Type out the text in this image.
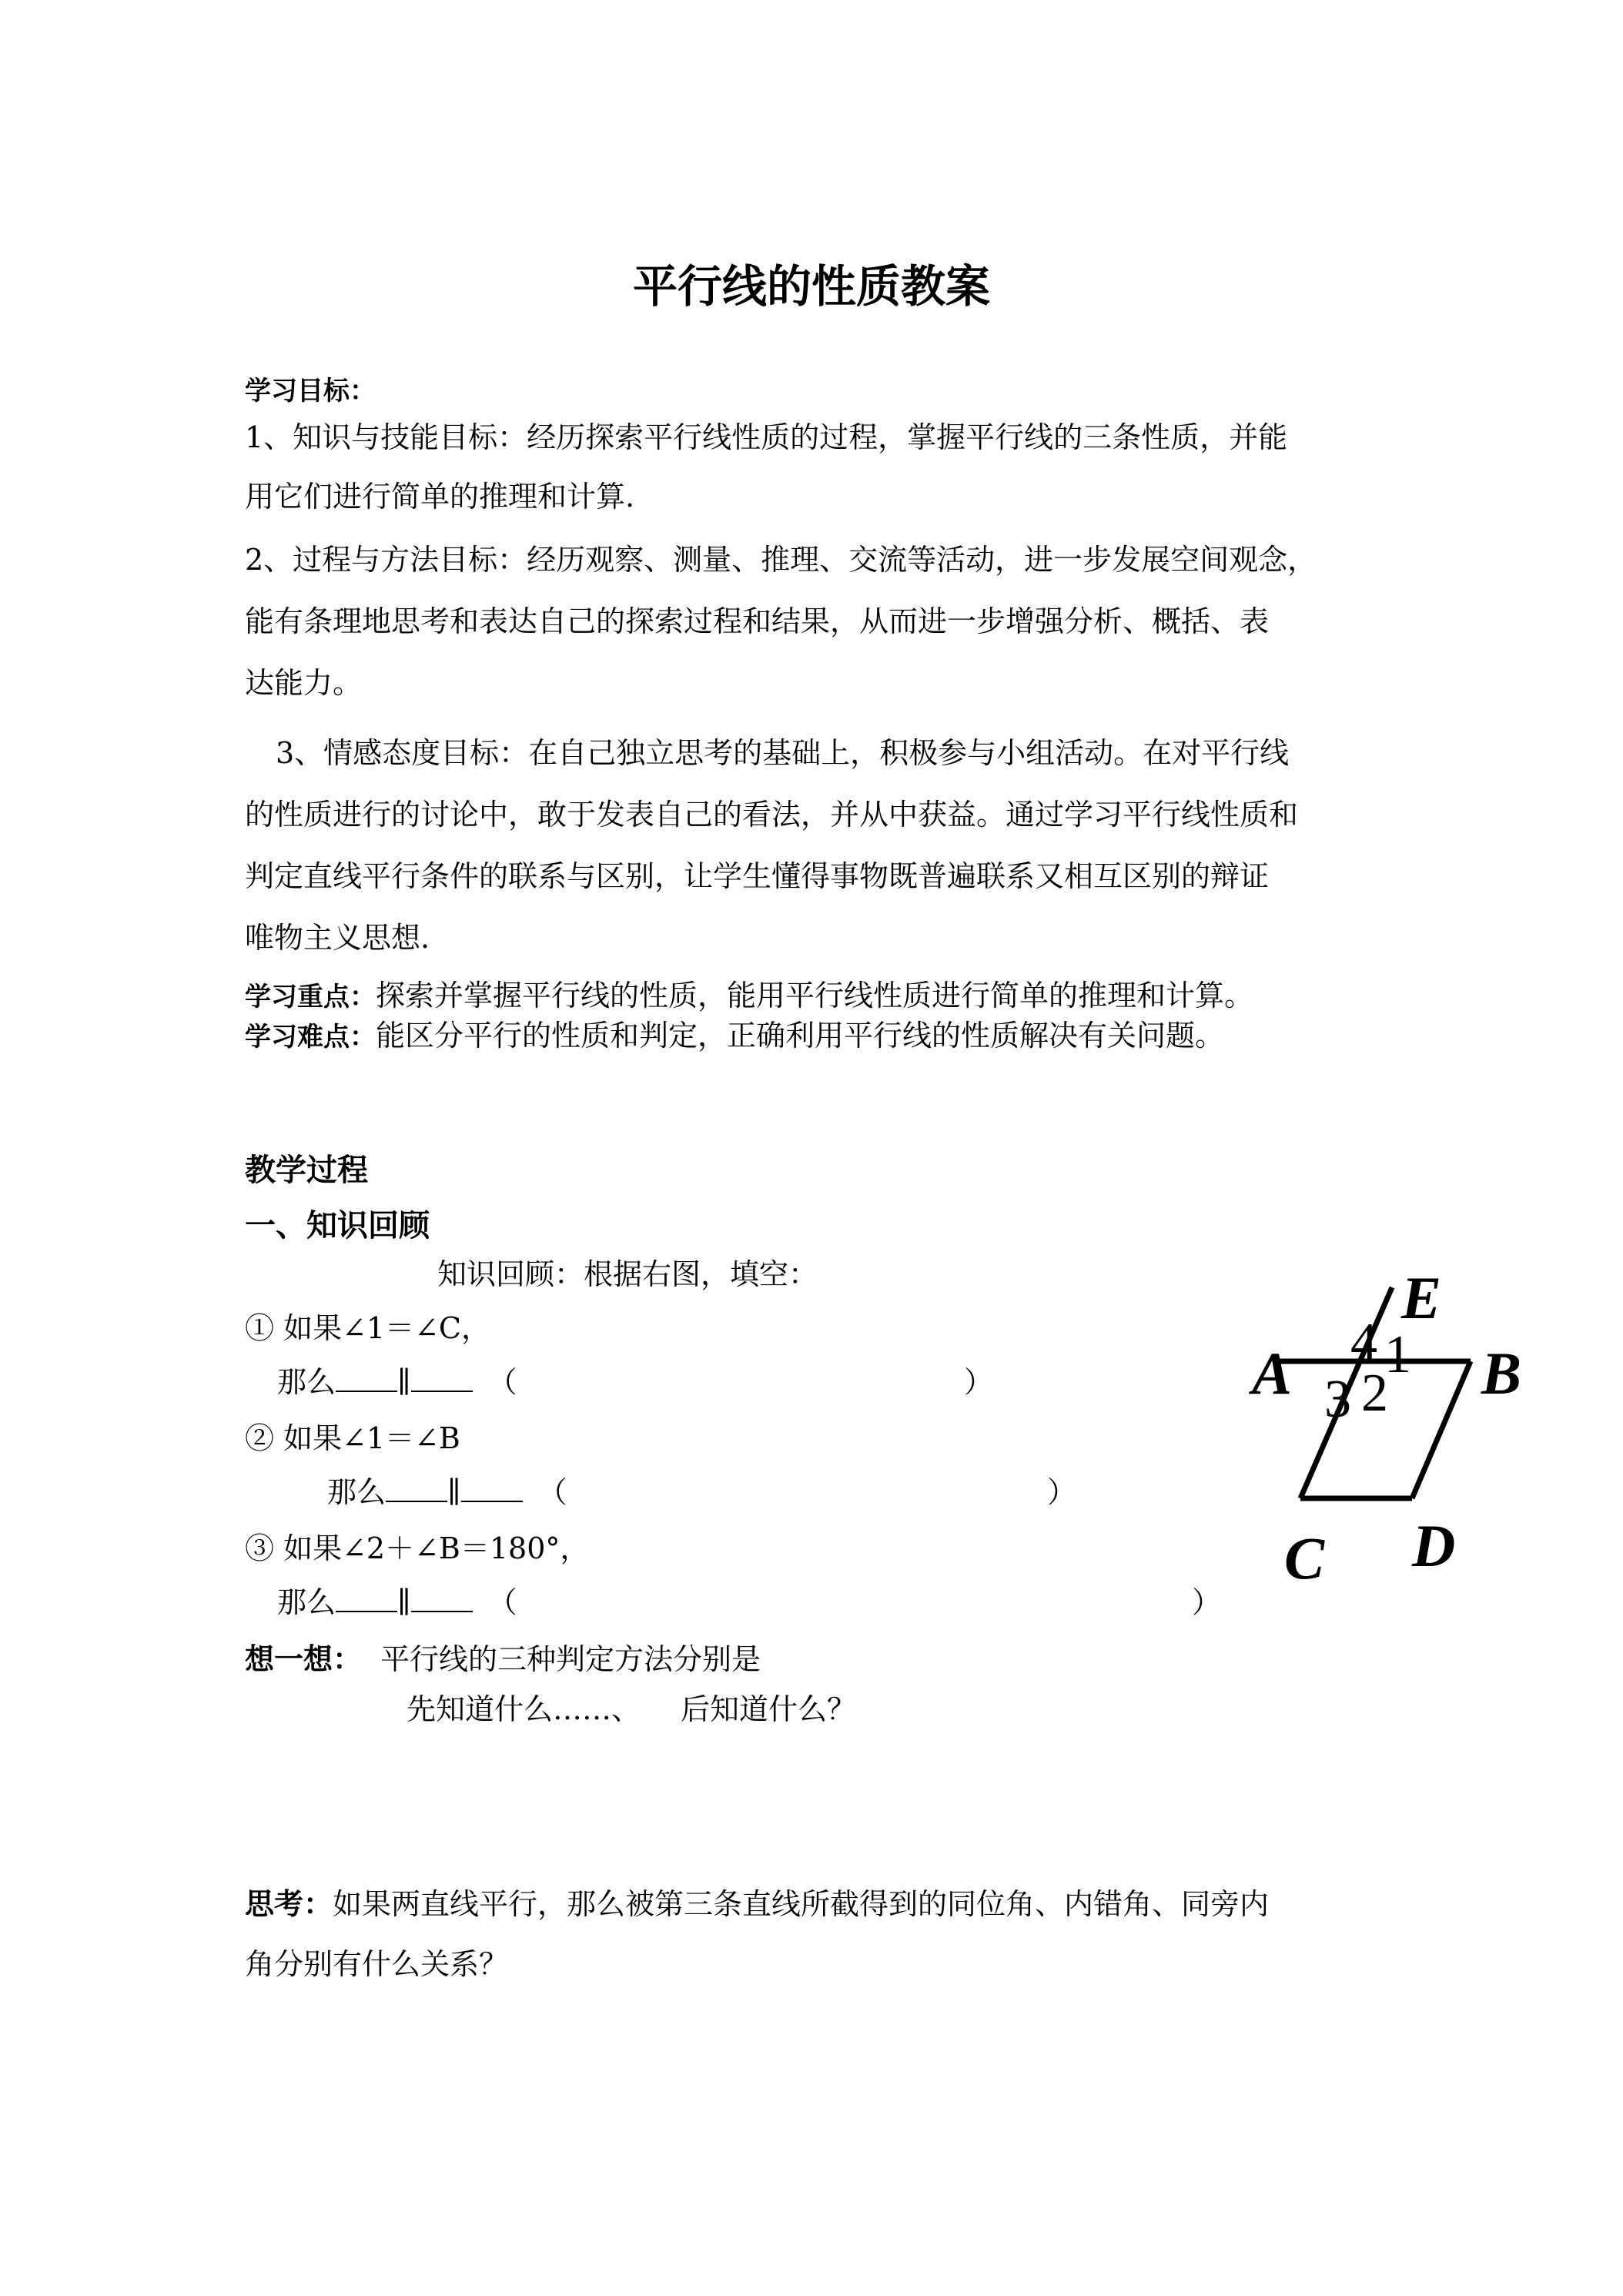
平行线的性质教案
学习目标：
1、知识与技能目标：经历探索平行线性质的过程，掌握平行线的三条性质，并能
用它们进行简单的推理和计算.
2、过程与方法目标：经历观察、测量、推理、交流等活动，进一步发展空间观念，
能有条理地思考和表达自己的探索过程和结果，从而进一步增强分析、概括、表
达能力。
3、情感态度目标：在自己独立思考的基础上，积极参与小组活动。在对平行线
的性质进行的讨论中，敢于发表自己的看法，并从中获益。通过学习平行线性质和
判定直线平行条件的联系与区别，让学生懂得事物既普遍联系又相互区别的辩证
唯物主义思想.
学习重点：探索并掌握平行线的性质，能用平行线性质进行简单的推理和计算。
学习难点：能区分平行的性质和判定，正确利用平行线的性质解决有关问题。
教学过程
一、知识回顾
知识回顾：根据右图，填空：
① 如果∠1＝∠C，
那么 ∥	（	）
② 如果∠1＝∠B
那么 ∥	（	）
③ 如果∠2＋∠B＝180°，
那么 ∥	（	）
想一想： 平行线的三种判定方法分别是
先知道什么……、 后知道什么？
思考：如果两直线平行，那么被第三条直线所截得到的同位角、内错角、同旁内
角分别有什么关系？
E
A	B
C D
4 1
3 2
